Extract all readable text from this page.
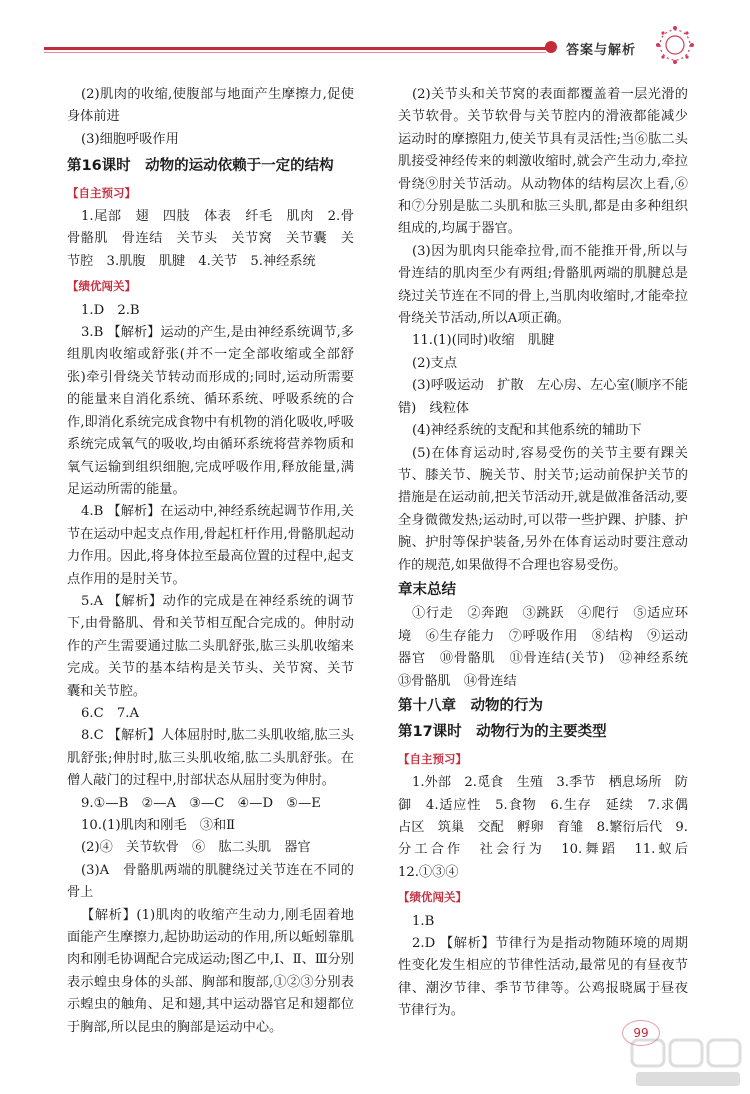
答案与解析

(2)肌肉的收缩,使腹部与地面产生摩擦力,促使身体前进

(3)细胞呼吸作用

第16课时　动物的运动依赖于一定的结构

【自主预习】

1.尾部　翅　四肢　体表　纤毛　肌肉　2.骨　骨骼肌　骨连结　关节头　关节窝　关节囊　关节腔　3.肌腹　肌腱　4.关节　5.神经系统

【绩优闯关】

1.D　2.B

3.B 【解析】运动的产生,是由神经系统调节,多组肌肉收缩或舒张(并不一定全部收缩或全部舒张)牵引骨绕关节转动而形成的;同时,运动所需要的能量来自消化系统、循环系统、呼吸系统的合作,即消化系统完成食物中有机物的消化吸收,呼吸系统完成氧气的吸收,均由循环系统将营养物质和氧气运输到组织细胞,完成呼吸作用,释放能量,满足运动所需的能量。

4.B 【解析】在运动中,神经系统起调节作用,关节在运动中起支点作用,骨起杠杆作用,骨骼肌起动力作用。因此,将身体拉至最高位置的过程中,起支点作用的是肘关节。

5.A 【解析】动作的完成是在神经系统的调节下,由骨骼肌、骨和关节相互配合完成的。伸肘动作的产生需要通过肱二头肌舒张,肱三头肌收缩来完成。关节的基本结构是关节头、关节窝、关节囊和关节腔。

6.C　7.A

8.C 【解析】人体屈肘时,肱二头肌收缩,肱三头肌舒张;伸肘时,肱三头肌收缩,肱二头肌舒张。在僧人敲门的过程中,肘部状态从屈肘变为伸肘。

9.①—B　②—A　③—C　④—D　⑤—E

10.(1)肌肉和刚毛　③和Ⅱ

(2)④　关节软骨　⑥　肱二头肌　器官

(3)A　骨骼肌两端的肌腱绕过关节连在不同的骨上

【解析】(1)肌肉的收缩产生动力,刚毛固着地面能产生摩擦力,起协助运动的作用,所以蚯蚓靠肌肉和刚毛协调配合完成运动;图乙中,Ⅰ、Ⅱ、Ⅲ分别表示蝗虫身体的头部、胸部和腹部,①②③分别表示蝗虫的触角、足和翅,其中运动器官足和翅都位于胸部,所以昆虫的胸部是运动中心。

(2)关节头和关节窝的表面都覆盖着一层光滑的关节软骨。关节软骨与关节腔内的滑液都能减少运动时的摩擦阻力,使关节具有灵活性;当⑥肱二头肌接受神经传来的刺激收缩时,就会产生动力,牵拉骨绕⑨肘关节活动。从动物体的结构层次上看,⑥和⑦分别是肱二头肌和肱三头肌,都是由多种组织组成的,均属于器官。

(3)因为肌肉只能牵拉骨,而不能推开骨,所以与骨连结的肌肉至少有两组;骨骼肌两端的肌腱总是绕过关节连在不同的骨上,当肌肉收缩时,才能牵拉骨绕关节活动,所以A项正确。

11.(1)(同时)收缩　肌腱

(2)支点

(3)呼吸运动　扩散　左心房、左心室(顺序不能错)　线粒体

(4)神经系统的支配和其他系统的辅助下

(5)在体育运动时,容易受伤的关节主要有踝关节、膝关节、腕关节、肘关节;运动前保护关节的措施是在运动前,把关节活动开,就是做准备活动,要全身微微发热;运动时,可以带一些护踝、护膝、护腕、护肘等保护装备,另外在体育运动时要注意动作的规范,如果做得不合理也容易受伤。

章末总结

①行走　②奔跑　③跳跃　④爬行　⑤适应环境　⑥生存能力　⑦呼吸作用　⑧结构　⑨运动器官　⑩骨骼肌　⑪骨连结(关节)　⑫神经系统　⑬骨骼肌　⑭骨连结

第十八章　动物的行为

第17课时　动物行为的主要类型

【自主预习】

1.外部　2.觅食　生殖　3.季节　栖息场所　防御　4.适应性　5.食物　6.生存　延续　7.求偶　占区　筑巢　交配　孵卵　育雏　8.繁衍后代　9.分工合作　社会行为　10.舞蹈　11.蚁后　12.①③④

【绩优闯关】

1.B

2.D 【解析】节律行为是指动物随环境的周期性变化发生相应的节律性活动,最常见的有昼夜节律、潮汐节律、季节节律等。公鸡报晓属于昼夜节律行为。

99
